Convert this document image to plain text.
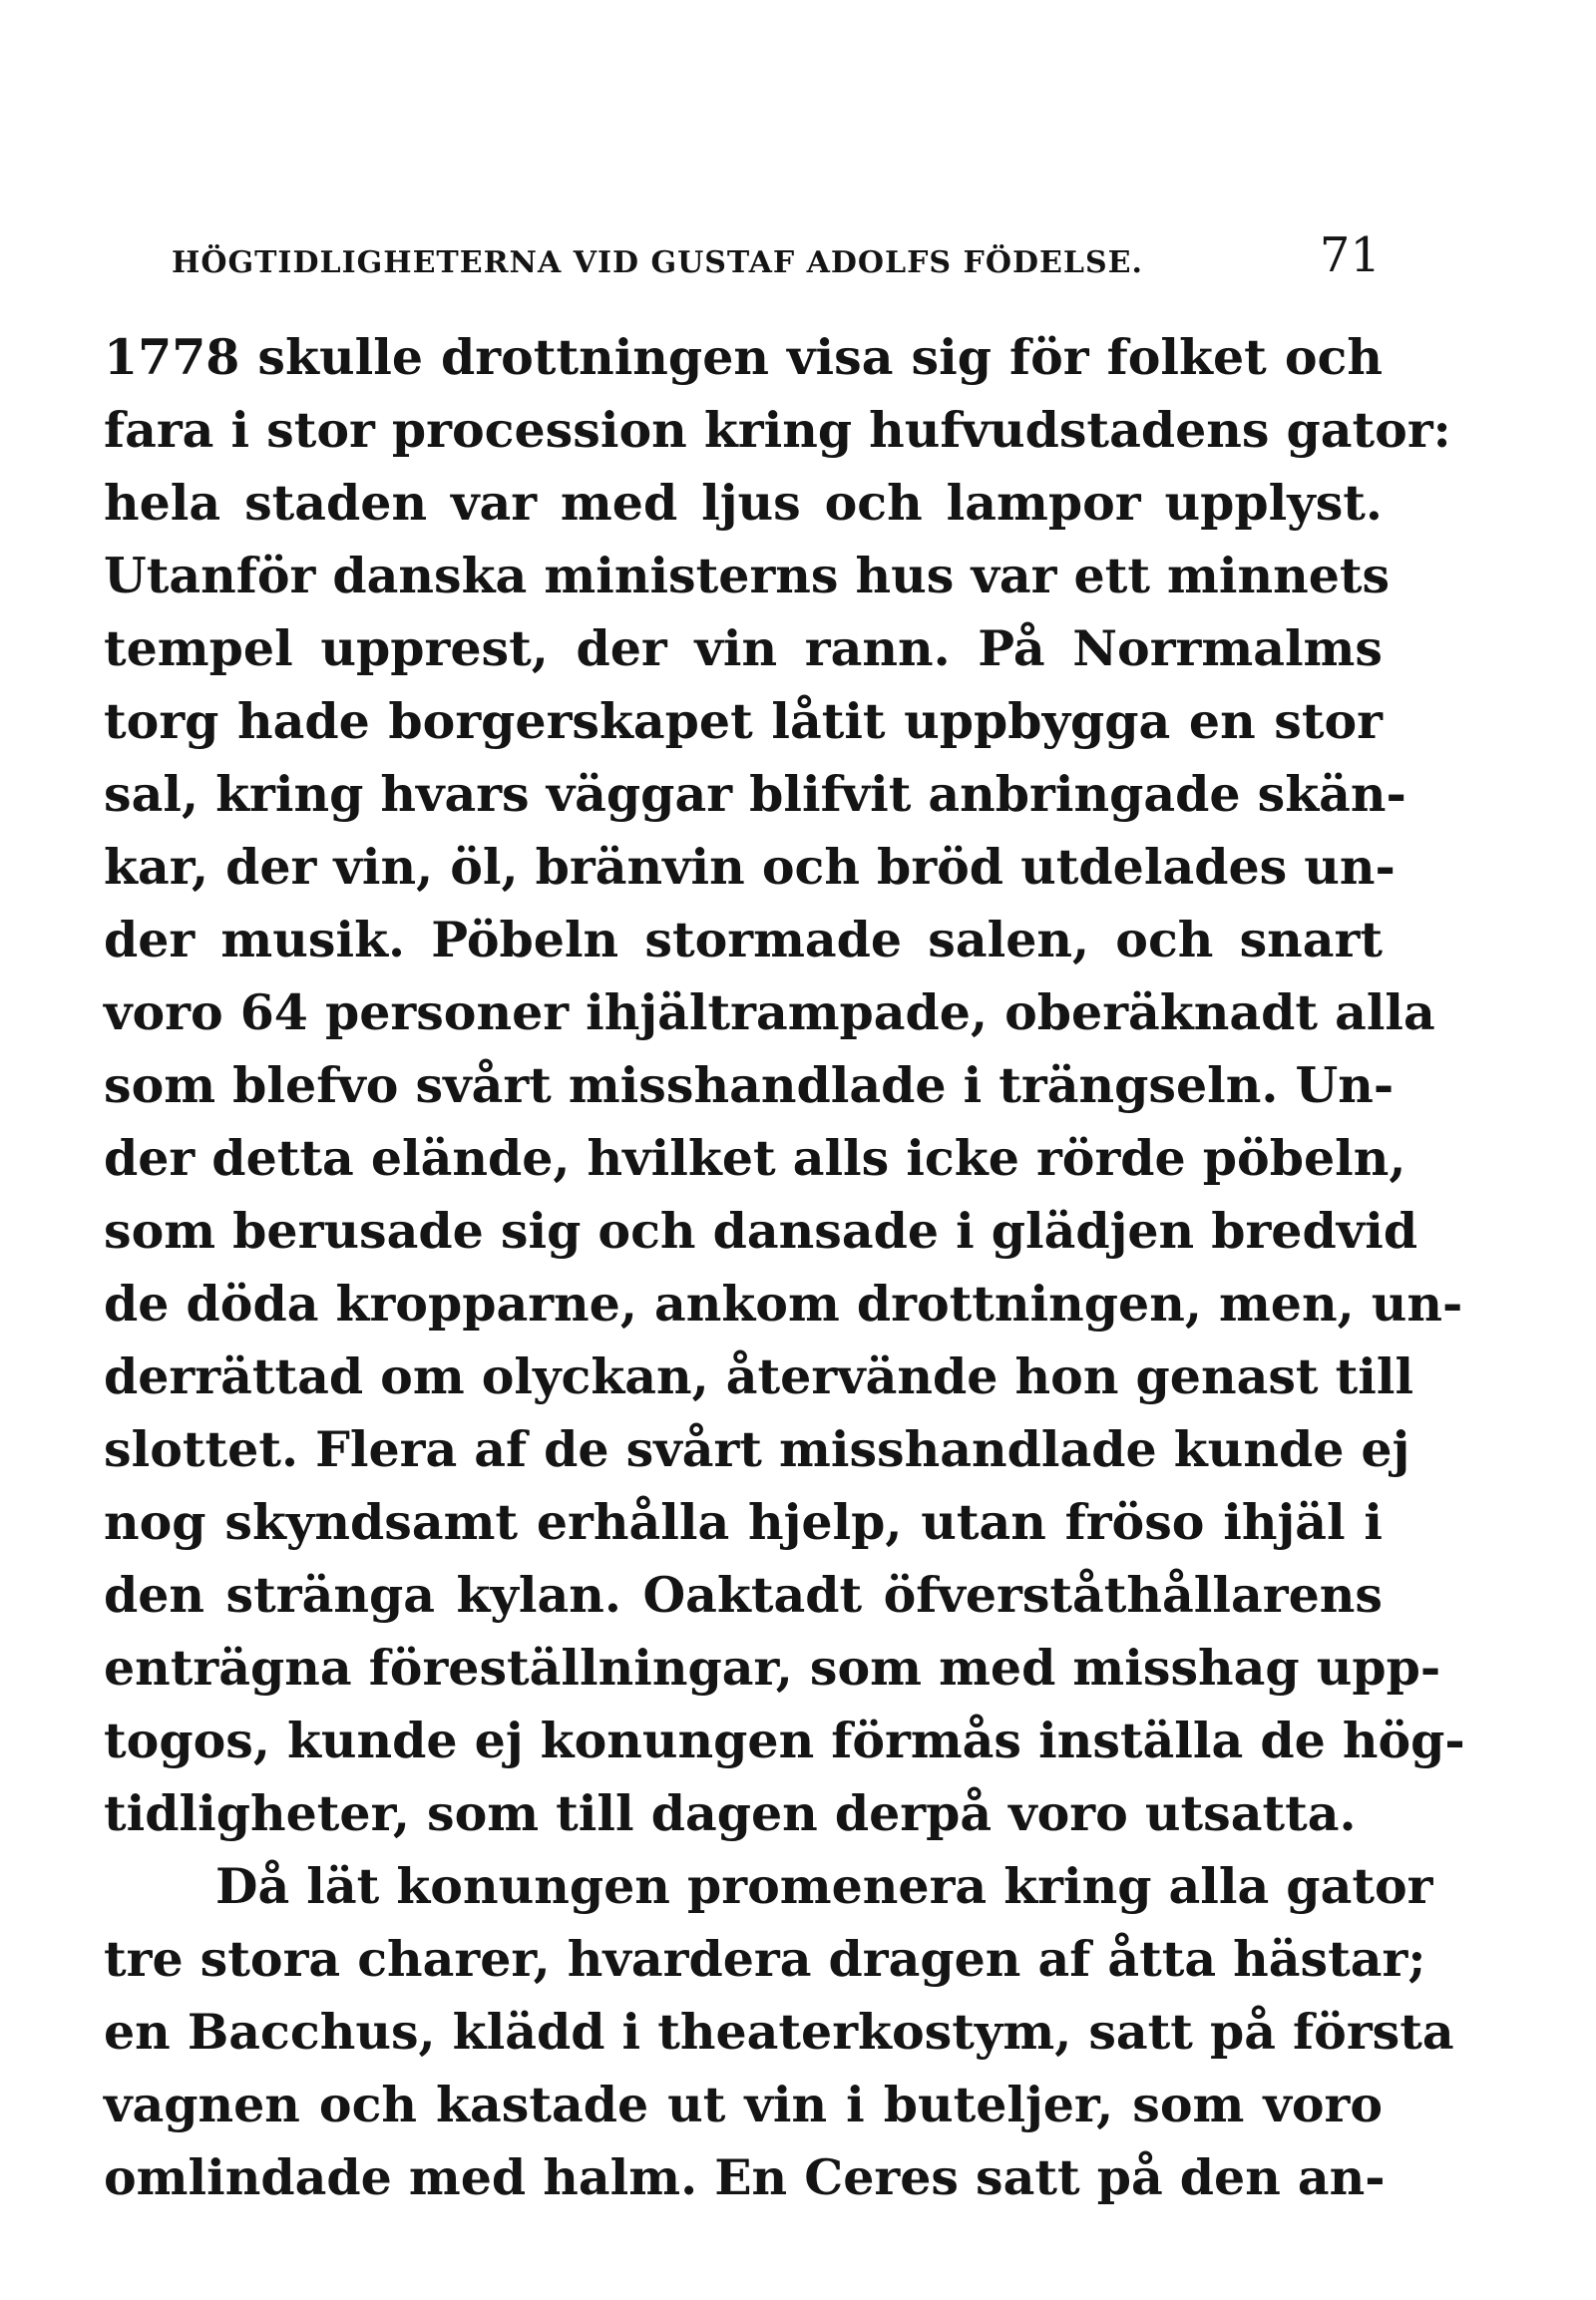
HÖGTIDLIGHETERNA VID GUSTAF ADOLFS FÖDELSE.	71
1778 skulle drottningen visa sig för folket och
fara i stor procession kring hufvudstadens gator:
hela staden var med ljus och lampor upplyst.
Utanför danska ministerns hus var ett minnets
tempel upprest, der vin rann. På Norrmalms
torg hade borgerskapet låtit uppbygga en stor
sal, kring hvars väggar blifvit anbringade skän-
kar, der vin, öl, bränvin och bröd utdelades un-
der musik. Pöbeln stormade salen, och snart
voro 64 personer ihjältrampade, oberäknadt alla
som blefvo svårt misshandlade i trängseln. Un-
der detta elände, hvilket alls icke rörde pöbeln,
som berusade sig och dansade i glädjen bredvid
de döda kropparne, ankom drottningen, men, un-
derrättad om olyckan, återvände hon genast till
slottet. Flera af de svårt misshandlade kunde ej
nog skyndsamt erhålla hjelp, utan fröso ihjäl i
den stränga kylan. Oaktadt öfverståthållarens
enträgna föreställningar, som med misshag upp-
togos, kunde ej konungen förmås inställa de hög-
tidligheter, som till dagen derpå voro utsatta.
Då lät konungen promenera kring alla gator
tre stora charer, hvardera dragen af åtta hästar;
en Bacchus, klädd i theaterkostym, satt på första
vagnen och kastade ut vin i buteljer, som voro
omlindade med halm. En Ceres satt på den an-
